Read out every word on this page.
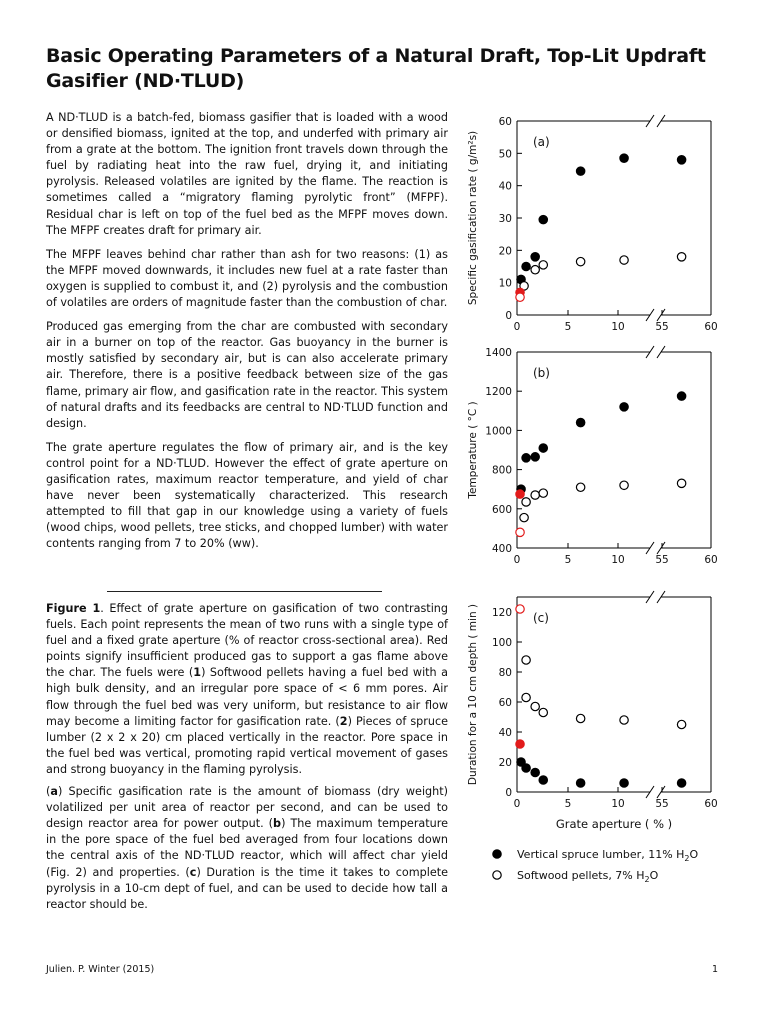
Basic Operating Parameters of a Natural Draft, Top-Lit Updraft Gasifier (ND·TLUD)

A ND·TLUD is a batch-fed, biomass gasifier that is loaded with a wood or densified biomass, ignited at the top, and underfed with primary air from a grate at the bottom. The ignition front travels down through the fuel by radiating heat into the raw fuel, drying it, and initiating pyrolysis. Released volatiles are ignited by the flame. The reaction is sometimes called a “migratory flaming pyrolytic front” (MFPF). Residual char is left on top of the fuel bed as the MFPF moves down. The MFPF creates draft for primary air.

The MFPF leaves behind char rather than ash for two reasons: (1) as the MFPF moved downwards, it includes new fuel at a rate faster than oxygen is supplied to combust it, and (2) pyrolysis and the combustion of volatiles are orders of magnitude faster than the combustion of char.

Produced gas emerging from the char are combusted with secondary air in a burner on top of the reactor. Gas buoyancy in the burner is mostly satisfied by secondary air, but is can also accelerate primary air. Therefore, there is a positive feedback between size of the gas flame, primary air flow, and gasification rate in the reactor. This system of natural drafts and its feedbacks are central to ND·TLUD function and design.

The grate aperture regulates the flow of primary air, and is the key control point for a ND·TLUD. However the effect of grate aperture on gasification rates, maximum reactor temperature, and yield of char have never been systematically characterized. This research attempted to fill that gap in our knowledge using a variety of fuels (wood chips, wood pellets, tree sticks, and chopped lumber) with water contents ranging from 7 to 20% (ww).

Figure 1. Effect of grate aperture on gasification of two contrasting fuels. Each point represents the mean of two runs with a single type of fuel and a fixed grate aperture (% of reactor cross-sectional area). Red points signify insufficient produced gas to support a gas flame above the char. The fuels were (1) Softwood pellets having a fuel bed with a high bulk density, and an irregular pore space of < 6 mm pores. Air flow through the fuel bed was very uniform, but resistance to air flow may become a limiting factor for gasification rate. (2) Pieces of spruce lumber (2 x 2 x 20) cm placed vertically in the reactor. Pore space in the fuel bed was vertical, promoting rapid vertical movement of gases and strong buoyancy in the flaming pyrolysis.

(a) Specific gasification rate is the amount of biomass (dry weight) volatilized per unit area of reactor per second, and can be used to design reactor area for power output. (b) The maximum temperature in the pore space of the fuel bed averaged from four locations down the central axis of the ND·TLUD reactor, which will affect char yield (Fig. 2) and properties. (c) Duration is the time it takes to complete pyrolysis in a 10-cm dept of fuel, and can be used to decide how tall a reactor should be.

Julien. P. Winter (2015)	1
0
10
20
30
40
50
60
0	5	10	55	60
(a)
Specific gasification rate ( g/m²s)
400
600
800
1000
1200
1400
0	5	10	55	60
(b)
Temperature ( °C )
0
20
40
60
80
100
120
0	5	10	55	60
(c)
Duration for a 10 cm depth ( min )
Grate aperture ( % )
Vertical spruce lumber, 11% $H_2O$
Softwood pellets, 7% $H_2O$
